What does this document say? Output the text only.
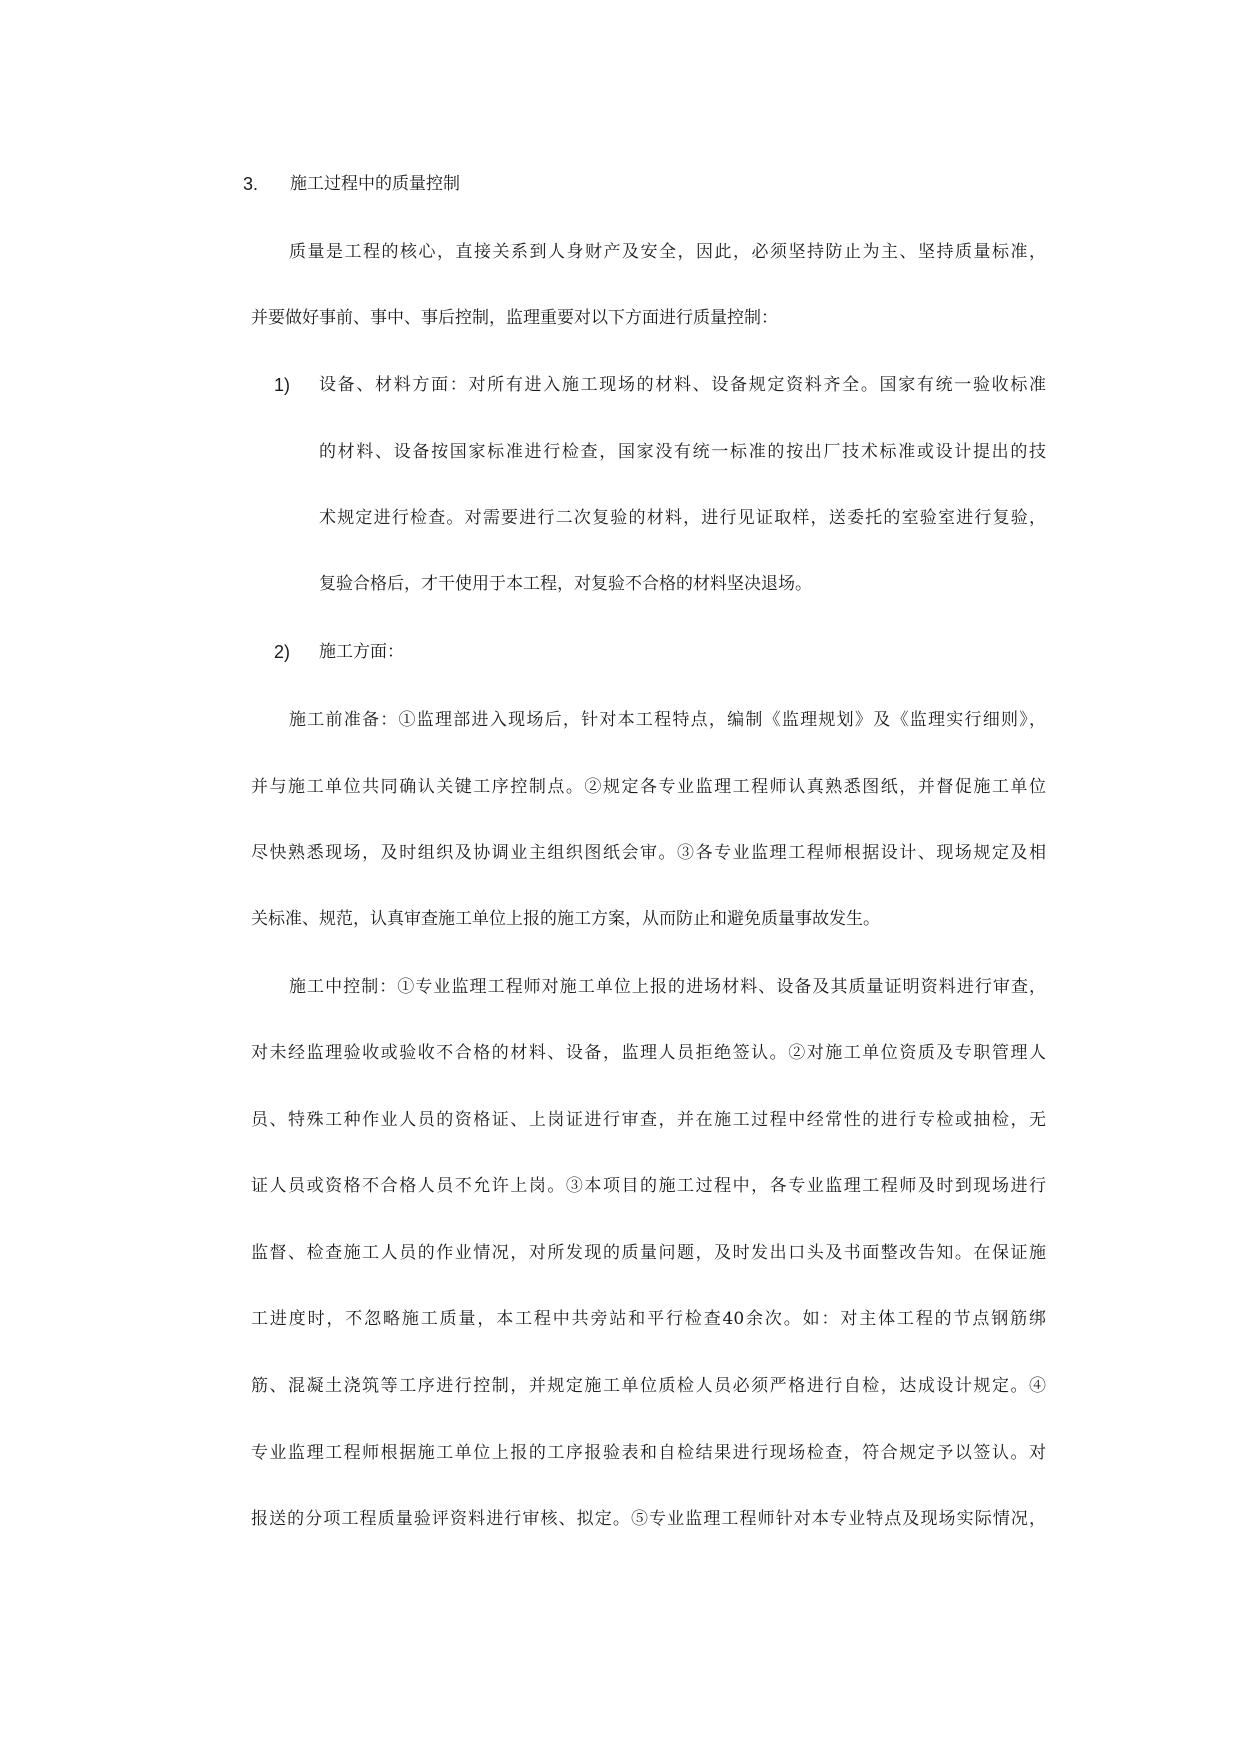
3. 施工过程中的质量控制
质量是工程的核心，直接关系到人身财产及安全，因此，必须坚持防止为主、坚持质量标准，
并要做好事前、事中、事后控制，监理重要对以下方面进行质量控制：
1) 设备、材料方面：对所有进入施工现场的材料、设备规定资料齐全。国家有统一验收标准
的材料、设备按国家标准进行检查，国家没有统一标准的按出厂技术标准或设计提出的技
术规定进行检查。对需要进行二次复验的材料，进行见证取样，送委托的室验室进行复验，
复验合格后，才干使用于本工程，对复验不合格的材料坚决退场。
2) 施工方面：
施工前准备：①监理部进入现场后，针对本工程特点，编制《监理规划》及《监理实行细则》，
并与施工单位共同确认关键工序控制点。②规定各专业监理工程师认真熟悉图纸，并督促施工单位
尽快熟悉现场，及时组织及协调业主组织图纸会审。③各专业监理工程师根据设计、现场规定及相
关标准、规范，认真审查施工单位上报的施工方案，从而防止和避免质量事故发生。
施工中控制：①专业监理工程师对施工单位上报的进场材料、设备及其质量证明资料进行审查，
对未经监理验收或验收不合格的材料、设备，监理人员拒绝签认。②对施工单位资质及专职管理人
员、特殊工种作业人员的资格证、上岗证进行审查，并在施工过程中经常性的进行专检或抽检，无
证人员或资格不合格人员不允许上岗。③本项目的施工过程中，各专业监理工程师及时到现场进行
监督、检查施工人员的作业情况，对所发现的质量问题，及时发出口头及书面整改告知。在保证施
工进度时，不忽略施工质量，本工程中共旁站和平行检查40余次。如：对主体工程的节点钢筋绑
筋、混凝土浇筑等工序进行控制，并规定施工单位质检人员必须严格进行自检，达成设计规定。④
专业监理工程师根据施工单位上报的工序报验表和自检结果进行现场检查，符合规定予以签认。对
报送的分项工程质量验评资料进行审核、拟定。⑤专业监理工程师针对本专业特点及现场实际情况，
